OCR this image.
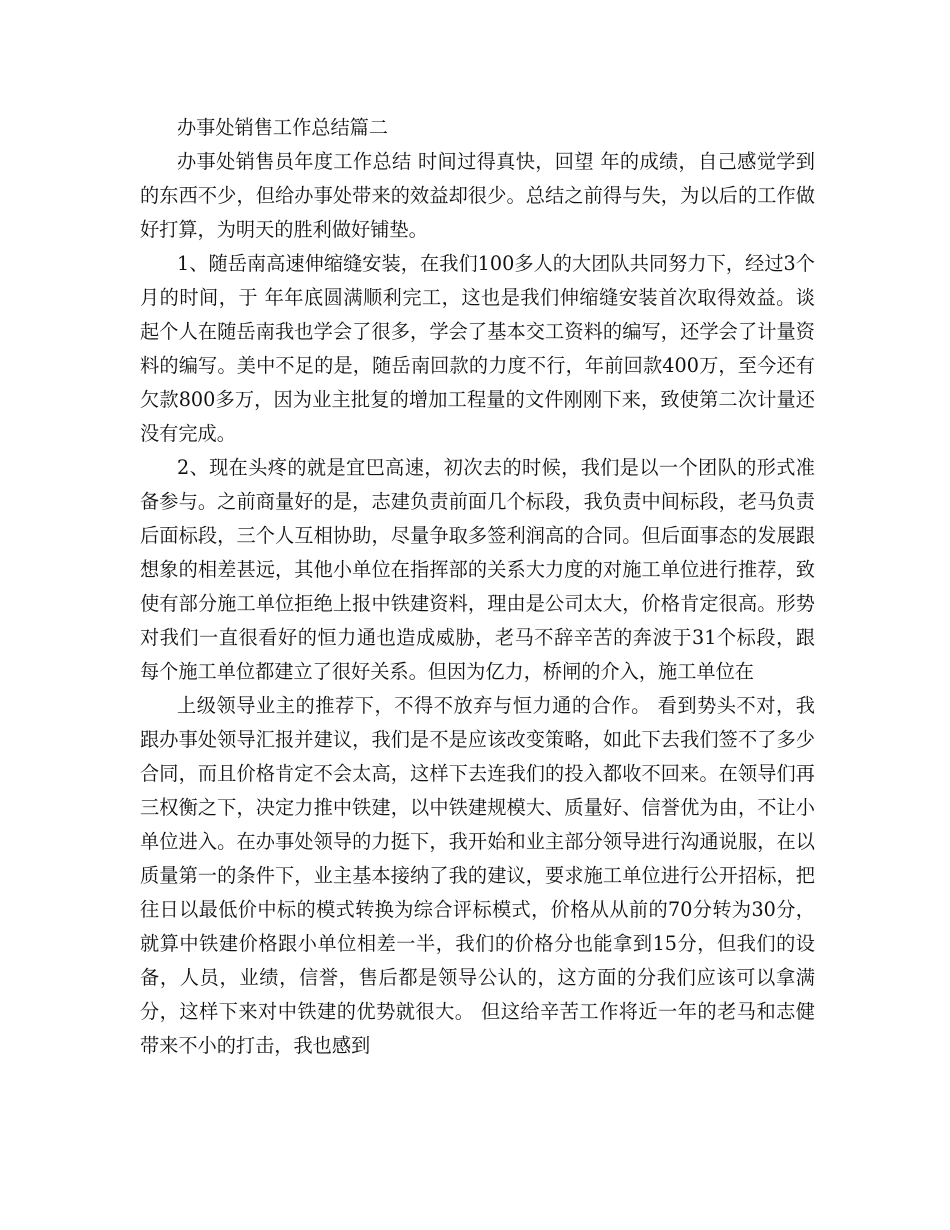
办事处销售工作总结篇二

办事处销售员年度工作总结 时间过得真快，回望 年的成绩，自己感觉学到的东西不少，但给办事处带来的效益却很少。总结之前得与失，为以后的工作做好打算，为明天的胜利做好铺垫。

1、随岳南高速伸缩缝安装，在我们100多人的大团队共同努力下，经过3个月的时间，于 年年底圆满顺利完工，这也是我们伸缩缝安装首次取得效益。谈起个人在随岳南我也学会了很多，学会了基本交工资料的编写，还学会了计量资料的编写。美中不足的是，随岳南回款的力度不行，年前回款400万，至今还有欠款800多万，因为业主批复的增加工程量的文件刚刚下来，致使第二次计量还没有完成。

2、现在头疼的就是宜巴高速，初次去的时候，我们是以一个团队的形式准备参与。之前商量好的是，志建负责前面几个标段，我负责中间标段，老马负责后面标段，三个人互相协助，尽量争取多签利润高的合同。但后面事态的发展跟想象的相差甚远，其他小单位在指挥部的关系大力度的对施工单位进行推荐，致使有部分施工单位拒绝上报中铁建资料，理由是公司太大，价格肯定很高。形势对我们一直很看好的恒力通也造成威胁，老马不辞辛苦的奔波于31个标段，跟每个施工单位都建立了很好关系。但因为亿力，桥闸的介入，施工单位在

上级领导业主的推荐下，不得不放弃与恒力通的合作。 看到势头不对，我跟办事处领导汇报并建议，我们是不是应该改变策略，如此下去我们签不了多少合同，而且价格肯定不会太高，这样下去连我们的投入都收不回来。在领导们再三权衡之下，决定力推中铁建，以中铁建规模大、质量好、信誉优为由，不让小单位进入。在办事处领导的力挺下，我开始和业主部分领导进行沟通说服，在以质量第一的条件下，业主基本接纳了我的建议，要求施工单位进行公开招标，把往日以最低价中标的模式转换为综合评标模式，价格从从前的70分转为30分，就算中铁建价格跟小单位相差一半，我们的价格分也能拿到15分，但我们的设备，人员，业绩，信誉，售后都是领导公认的，这方面的分我们应该可以拿满分，这样下来对中铁建的优势就很大。 但这给辛苦工作将近一年的老马和志健带来不小的打击，我也感到
